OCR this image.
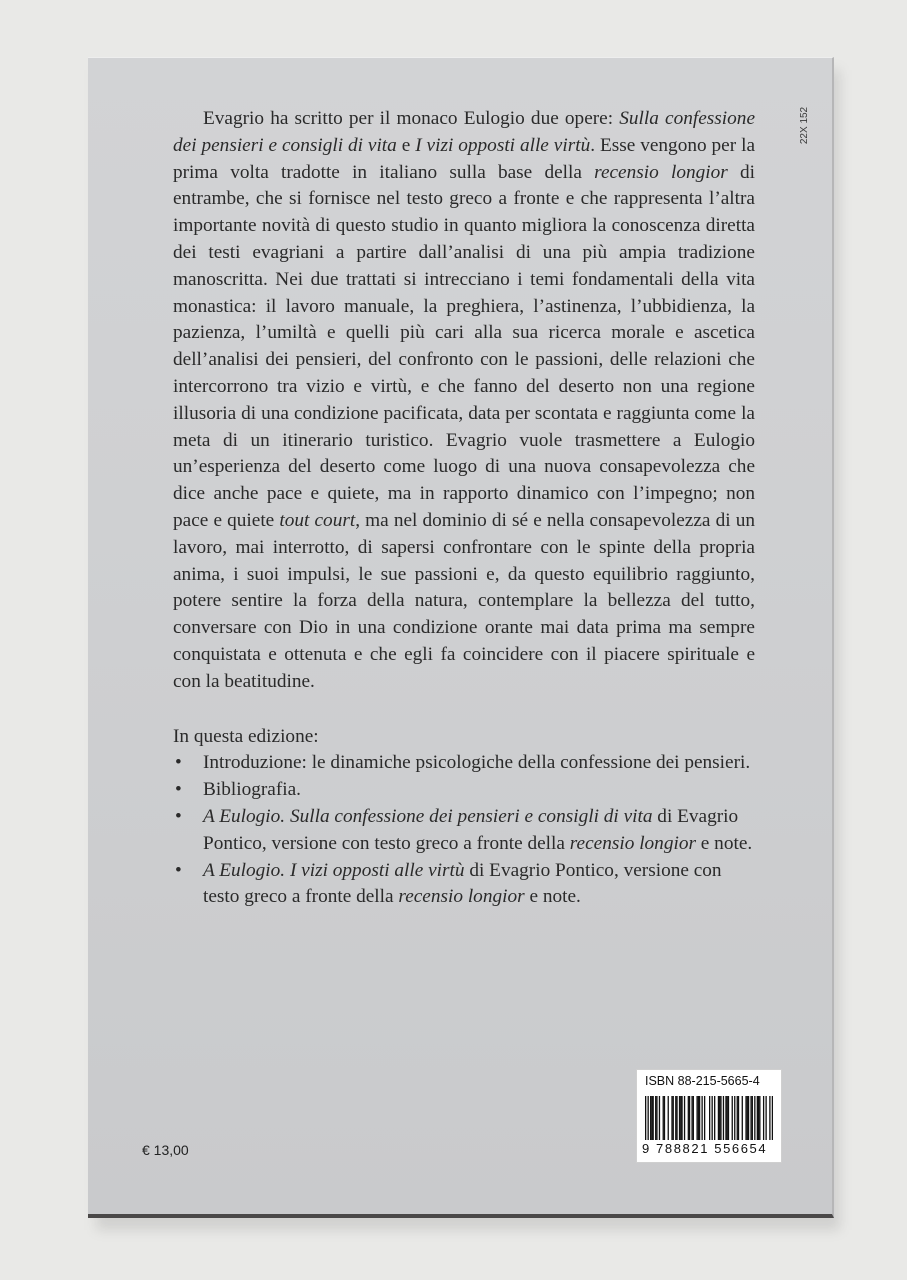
22X 152

Evagrio ha scritto per il monaco Eulogio due opere: Sulla confessione dei pensieri e consigli di vita e I vizi opposti alle virtù. Esse vengono per la prima volta tradotte in italiano sulla base della recensio longior di entrambe, che si fornisce nel testo greco a fronte e che rappresenta l’altra importante novità di questo studio in quanto migliora la conoscenza diretta dei testi evagriani a partire dall’analisi di una più ampia tradizione manoscritta. Nei due trattati si intrecciano i temi fondamentali della vita monastica: il lavoro manuale, la preghiera, l’astinenza, l’ubbidienza, la pazienza, l’umiltà e quelli più cari alla sua ricerca morale e ascetica dell’analisi dei pensieri, del confronto con le passioni, delle relazioni che intercorrono tra vizio e virtù, e che fanno del deserto non una regione illusoria di una condizione pacificata, data per scontata e raggiunta come la meta di un itinerario turistico. Evagrio vuole trasmettere a Eulogio un’esperienza del deserto come luogo di una nuova consapevolezza che dice anche pace e quiete, ma in rapporto dinamico con l’impegno; non pace e quiete tout court, ma nel dominio di sé e nella consapevolezza di un lavoro, mai interrotto, di sapersi confrontare con le spinte della propria anima, i suoi impulsi, le sue passioni e, da questo equilibrio raggiunto, potere sentire la forza della natura, contemplare la bellezza del tutto, conversare con Dio in una condizione orante mai data prima ma sempre conquistata e ottenuta e che egli fa coincidere con il piacere spirituale e con la beatitudine.

In questa edizione:

• Introduzione: le dinamiche psicologiche della confessione dei pensieri.
• Bibliografia.
• A Eulogio. Sulla confessione dei pensieri e consigli di vita di Evagrio Pontico, versione con testo greco a fronte della recensio longior e note.
• A Eulogio. I vizi opposti alle virtù di Evagrio Pontico, versione con testo greco a fronte della recensio longior e note.
€ 13,00
ISBN 88-215-5665-4
9 788821 556654
